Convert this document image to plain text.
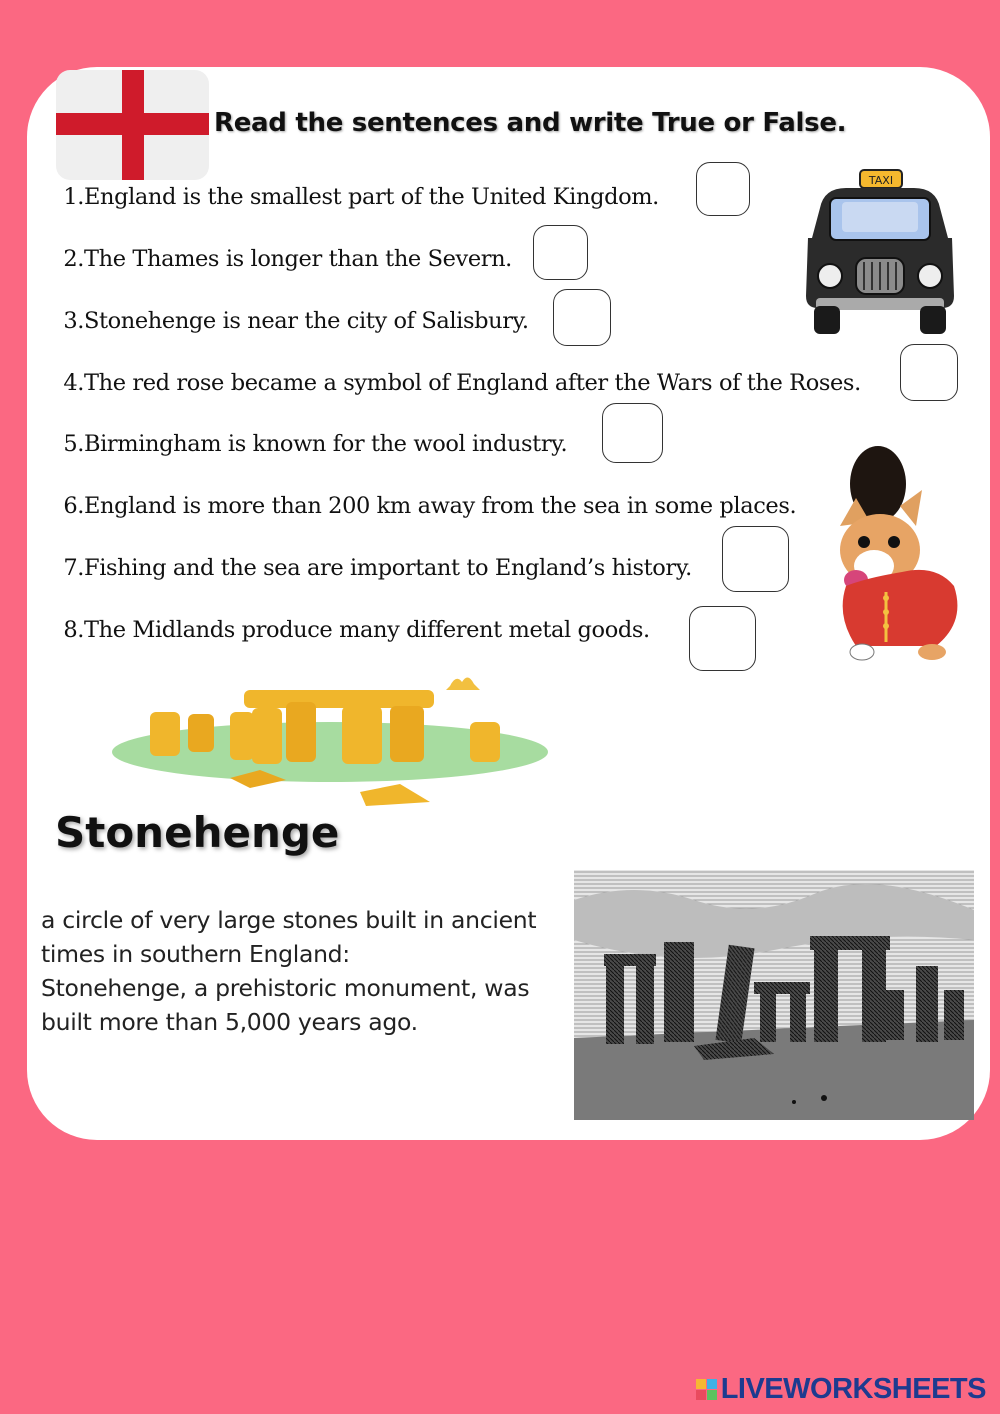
Read the sentences and write True or False.
1.England is the smallest part of the United Kingdom.
2.The Thames is longer than the Severn.
3.Stonehenge is near the city of Salisbury.
4.The red rose became a symbol of England after the Wars of the Roses.
5.Birmingham is known for the wool industry.
6.England is more than 200 km away from the sea in some places.
7.Fishing and the sea are important to England’s history.
8.The Midlands produce many different metal goods.
TAXI
Stonehenge
a circle of very large stones built in ancient
times in southern England:
Stonehenge, a prehistoric monument, was
built more than 5,000 years ago.
LIVEWORKSHEETS
